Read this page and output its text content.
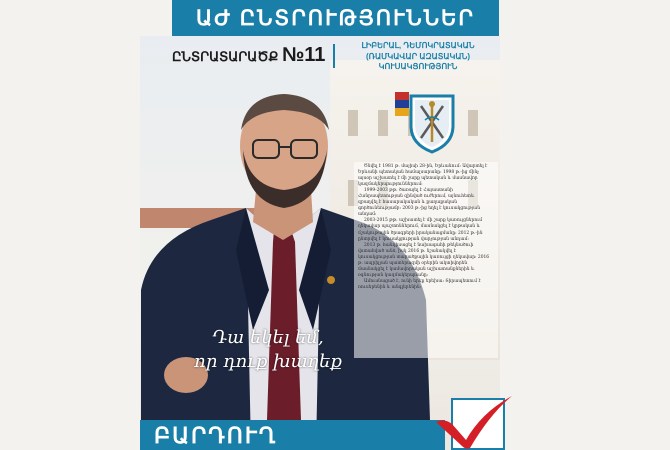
ԱԺ ԸՆՏՐՈՒԹՅՈՒՆՆԵՐ
ԸՆՏՐԱՏԱՐԱԾՔ №11	ԼԻԲԵՐԱԼ, ԴԵՄՈԿՐԱՏԱԿԱՆ
(ՌԱՄԿԱՎԱՐ ԱԶԱՏԱԿԱՆ)
ԿՈՒՍԱԿՑՈՒԹՅՈՒՆ

Ծնվել է 1981 թ. մայիսի 28-ին, Երևանում: Ավարտել է Երևանի պետական համալսարանը: 1998 թ.-ից մինչ այսօր աշխատել է մի շարք պետական և մասնավոր կազմակերպություններում:

1999-2003 թթ. ծառայել է Հայաստանի Հանրապետության զինված ուժերում, այնուհետև զբաղվել է հասարակական և քաղաքական գործունեությամբ: 2003 թ.-ից եղել է կուսակցության անդամ:

2003-2015 թթ. աշխատել է մի շարք կառույցներում ղեկավար պաշտոններում, մասնակցել է կրթական և մշակութային ծրագրերի իրականացմանը: 2012 թ.-ին ընտրվել է կուսակցության վարչության անդամ:

2013 թ. հանդիսացել է նախագահի թեկնածուի վստահված անձ, իսկ 2016 թ. նշանակվել է կուսակցության տարածքային կառույցի ղեկավար: 2016 թ. ապրիլյան պատերազմի օրերին ակտիվորեն մասնակցել է կամավորական աշխատանքներին և օգնության կազմակերպմանը:

Ամուսնացած է, ունի երեք երեխա: Տիրապետում է ռուսերենին և անգլերենին:

Դա եկել եմ,
որ դուք խաղեք
ԲԱՐԴՈՒՂ
